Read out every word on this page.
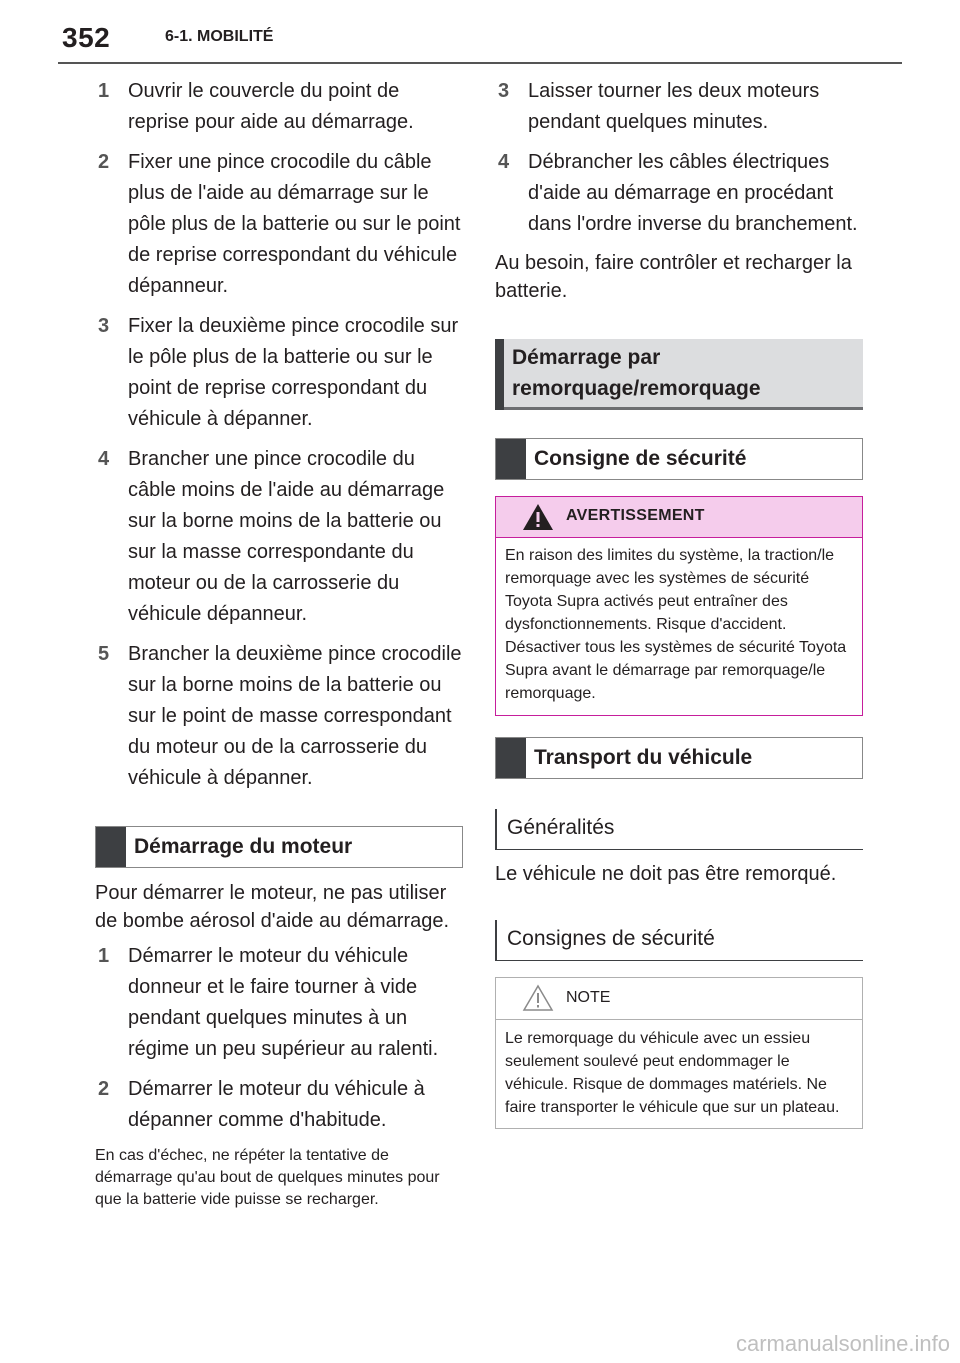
352	6-1. MOBILITÉ
1 Ouvrir le couvercle du point de reprise pour aide au démarrage.
2 Fixer une pince crocodile du câble plus de l'aide au démarrage sur le pôle plus de la batterie ou sur le point de reprise correspondant du véhicule dépanneur.
3 Fixer la deuxième pince crocodile sur le pôle plus de la batterie ou sur le point de reprise correspondant du véhicule à dépanner.
4 Brancher une pince crocodile du câble moins de l'aide au démarrage sur la borne moins de la batterie ou sur la masse correspondante du moteur ou de la carrosserie du véhicule dépanneur.
5 Brancher la deuxième pince crocodile sur la borne moins de la batterie ou sur le point de masse correspondant du moteur ou de la carrosserie du véhicule à dépanner.
Démarrage du moteur

Pour démarrer le moteur, ne pas utiliser de bombe aérosol d'aide au démarrage.

1 Démarrer le moteur du véhicule donneur et le faire tourner à vide pendant quelques minutes à un régime un peu supérieur au ralenti.
2 Démarrer le moteur du véhicule à dépanner comme d'habitude.

En cas d'échec, ne répéter la tentative de démarrage qu'au bout de quelques minutes pour que la batterie vide puisse se recharger.

3 Laisser tourner les deux moteurs pendant quelques minutes.
4 Débrancher les câbles électriques d'aide au démarrage en procédant dans l'ordre inverse du branchement.

Au besoin, faire contrôler et recharger la batterie.

Démarrage par remorquage/remorquage
Consigne de sécurité
AVERTISSEMENT
En raison des limites du système, la traction/le remorquage avec les systèmes de sécurité Toyota Supra activés peut entraîner des dysfonctionnements. Risque d'accident. Désactiver tous les systèmes de sécurité Toyota Supra avant le démarrage par remorquage/le remorquage.
Transport du véhicule
Généralités

Le véhicule ne doit pas être remorqué.

Consignes de sécurité
NOTE
Le remorquage du véhicule avec un essieu seulement soulevé peut endommager le véhicule. Risque de dommages matériels. Ne faire transporter le véhicule que sur un plateau.
carmanualsonline.info
